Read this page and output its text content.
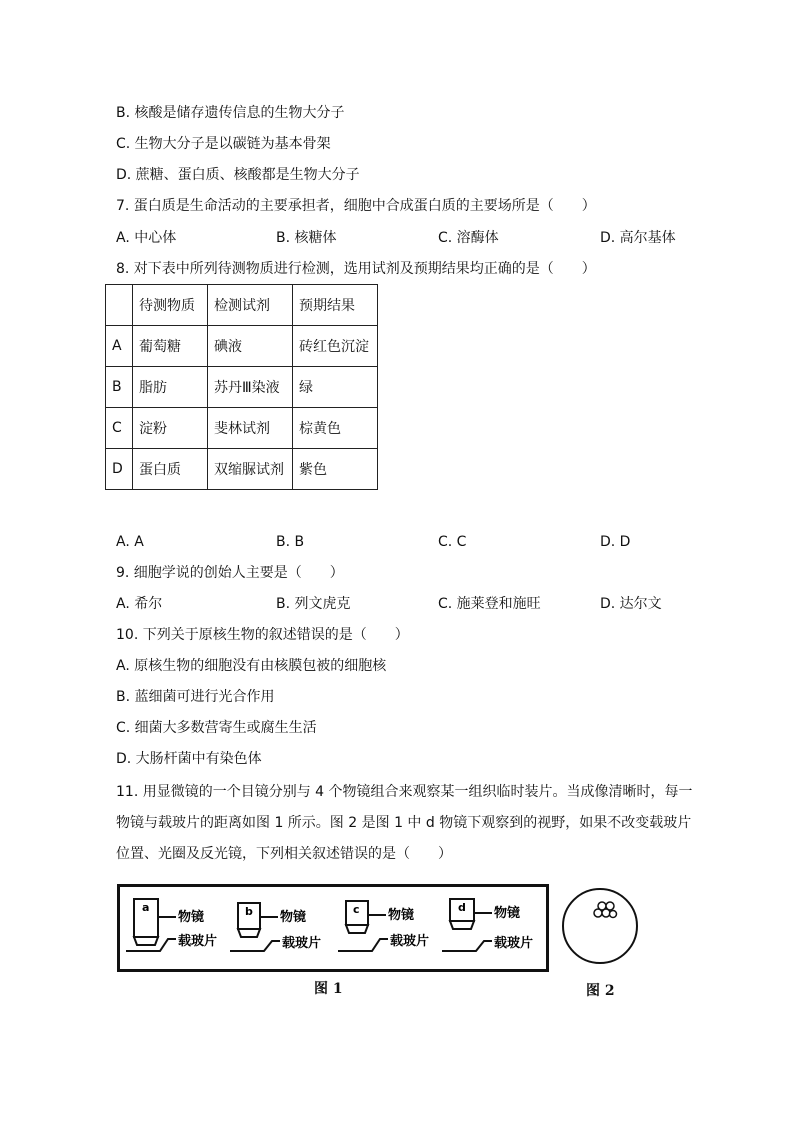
B. 核酸是储存遗传信息的生物大分子
C. 生物大分子是以碳链为基本骨架
D. 蔗糖、蛋白质、核酸都是生物大分子
7. 蛋白质是生命活动的主要承担者，细胞中合成蛋白质的主要场所是（　　）
A. 中心体	B. 核糖体	C. 溶酶体	D. 高尔基体
8. 对下表中所列待测物质进行检测，选用试剂及预期结果均正确的是（　　）
	待测物质	检测试剂	预期结果
A	葡萄糖	碘液	砖红色沉淀
B	脂肪	苏丹Ⅲ染液	绿
C	淀粉	斐林试剂	棕黄色
D	蛋白质	双缩脲试剂	紫色
A. A	B. B	C. C	D. D
9. 细胞学说的创始人主要是（　　）
A. 希尔	B. 列文虎克	C. 施莱登和施旺	D. 达尔文
10. 下列关于原核生物的叙述错误的是（　　）
A. 原核生物的细胞没有由核膜包被的细胞核
B. 蓝细菌可进行光合作用
C. 细菌大多数营寄生或腐生生活
D. 大肠杆菌中有染色体
11. 用显微镜的一个目镜分别与 4 个物镜组合来观察某一组织临时装片。当成像清晰时，每一
物镜与载玻片的距离如图 1 所示。图 2 是图 1 中 d 物镜下观察到的视野，如果不改变载玻片
位置、光圈及反光镜，下列相关叙述错误的是（　　）
a
物镜
载玻片
b 物镜
载玻片
c 物镜
载玻片
d 物镜
载玻片
图 1	图 2
